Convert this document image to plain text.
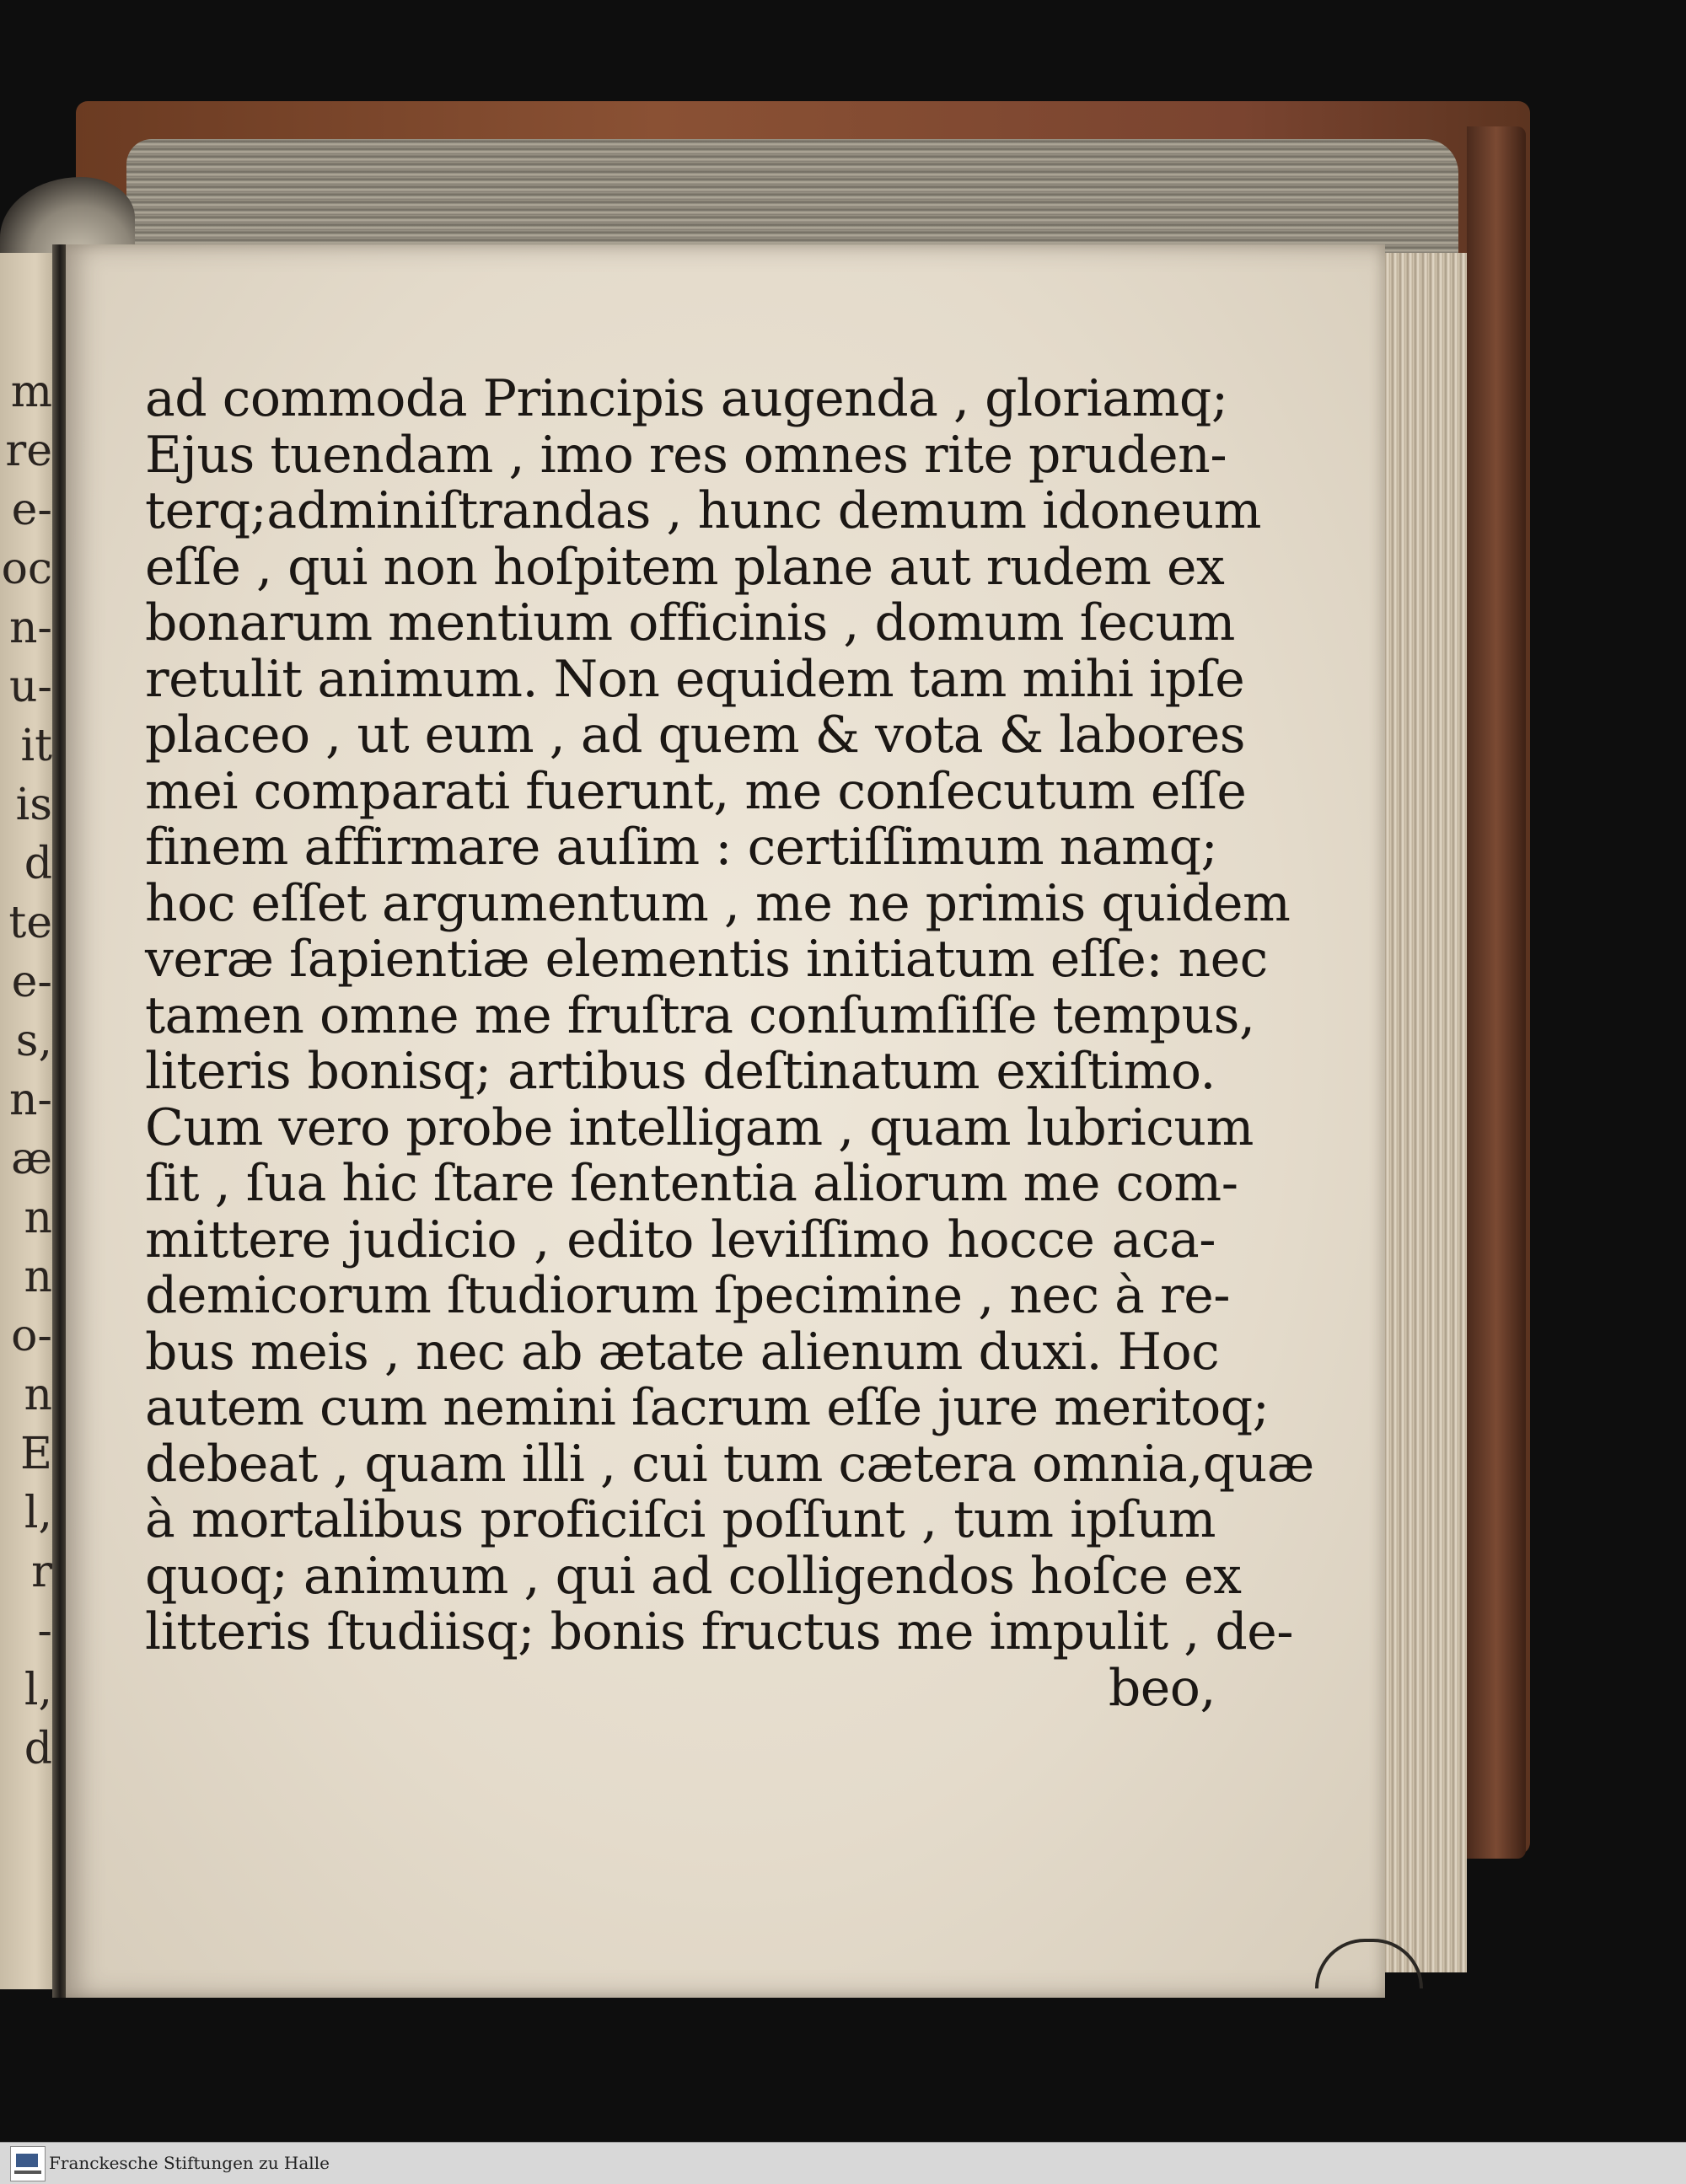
m
re
e-
oc
n-
u-
it
is
d
te
e-
s,
n-
æ
n
n
o-
n
E
l,
r
-
l,
d
ad commoda Principis augenda , gloriamq;
Ejus tuendam , imo res omnes rite pruden-
terq;adminiſtrandas , hunc demum idoneum
eſſe , qui non hoſpitem plane aut rudem ex
bonarum mentium officinis , domum ſecum
retulit animum. Non equidem tam mihi ipſe
placeo , ut eum , ad quem & vota & labores
mei comparati fuerunt, me conſecutum eſſe
finem affirmare auſim : certiſſimum namq;
hoc eſſet argumentum , me ne primis quidem
veræ ſapientiæ elementis initiatum eſſe: nec
tamen omne me fruſtra conſumſiſſe tempus,
literis bonisq; artibus deſtinatum exiſtimo.
Cum vero probe intelligam , quam lubricum
ſit , ſua hic ſtare ſententia aliorum me com-
mittere judicio , edito leviſſimo hocce aca-
demicorum ſtudiorum ſpecimine , nec à re-
bus meis , nec ab ætate alienum duxi. Hoc
autem cum nemini ſacrum eſſe jure meritoq;
debeat , quam illi , cui tum cætera omnia,quæ
à mortalibus proficiſci poſſunt , tum ipſum
quoq; animum , qui ad colligendos hoſce ex
litteris ſtudiisq; bonis fructus me impulit , de-
beo,
Franckesche Stiftungen zu Halle
